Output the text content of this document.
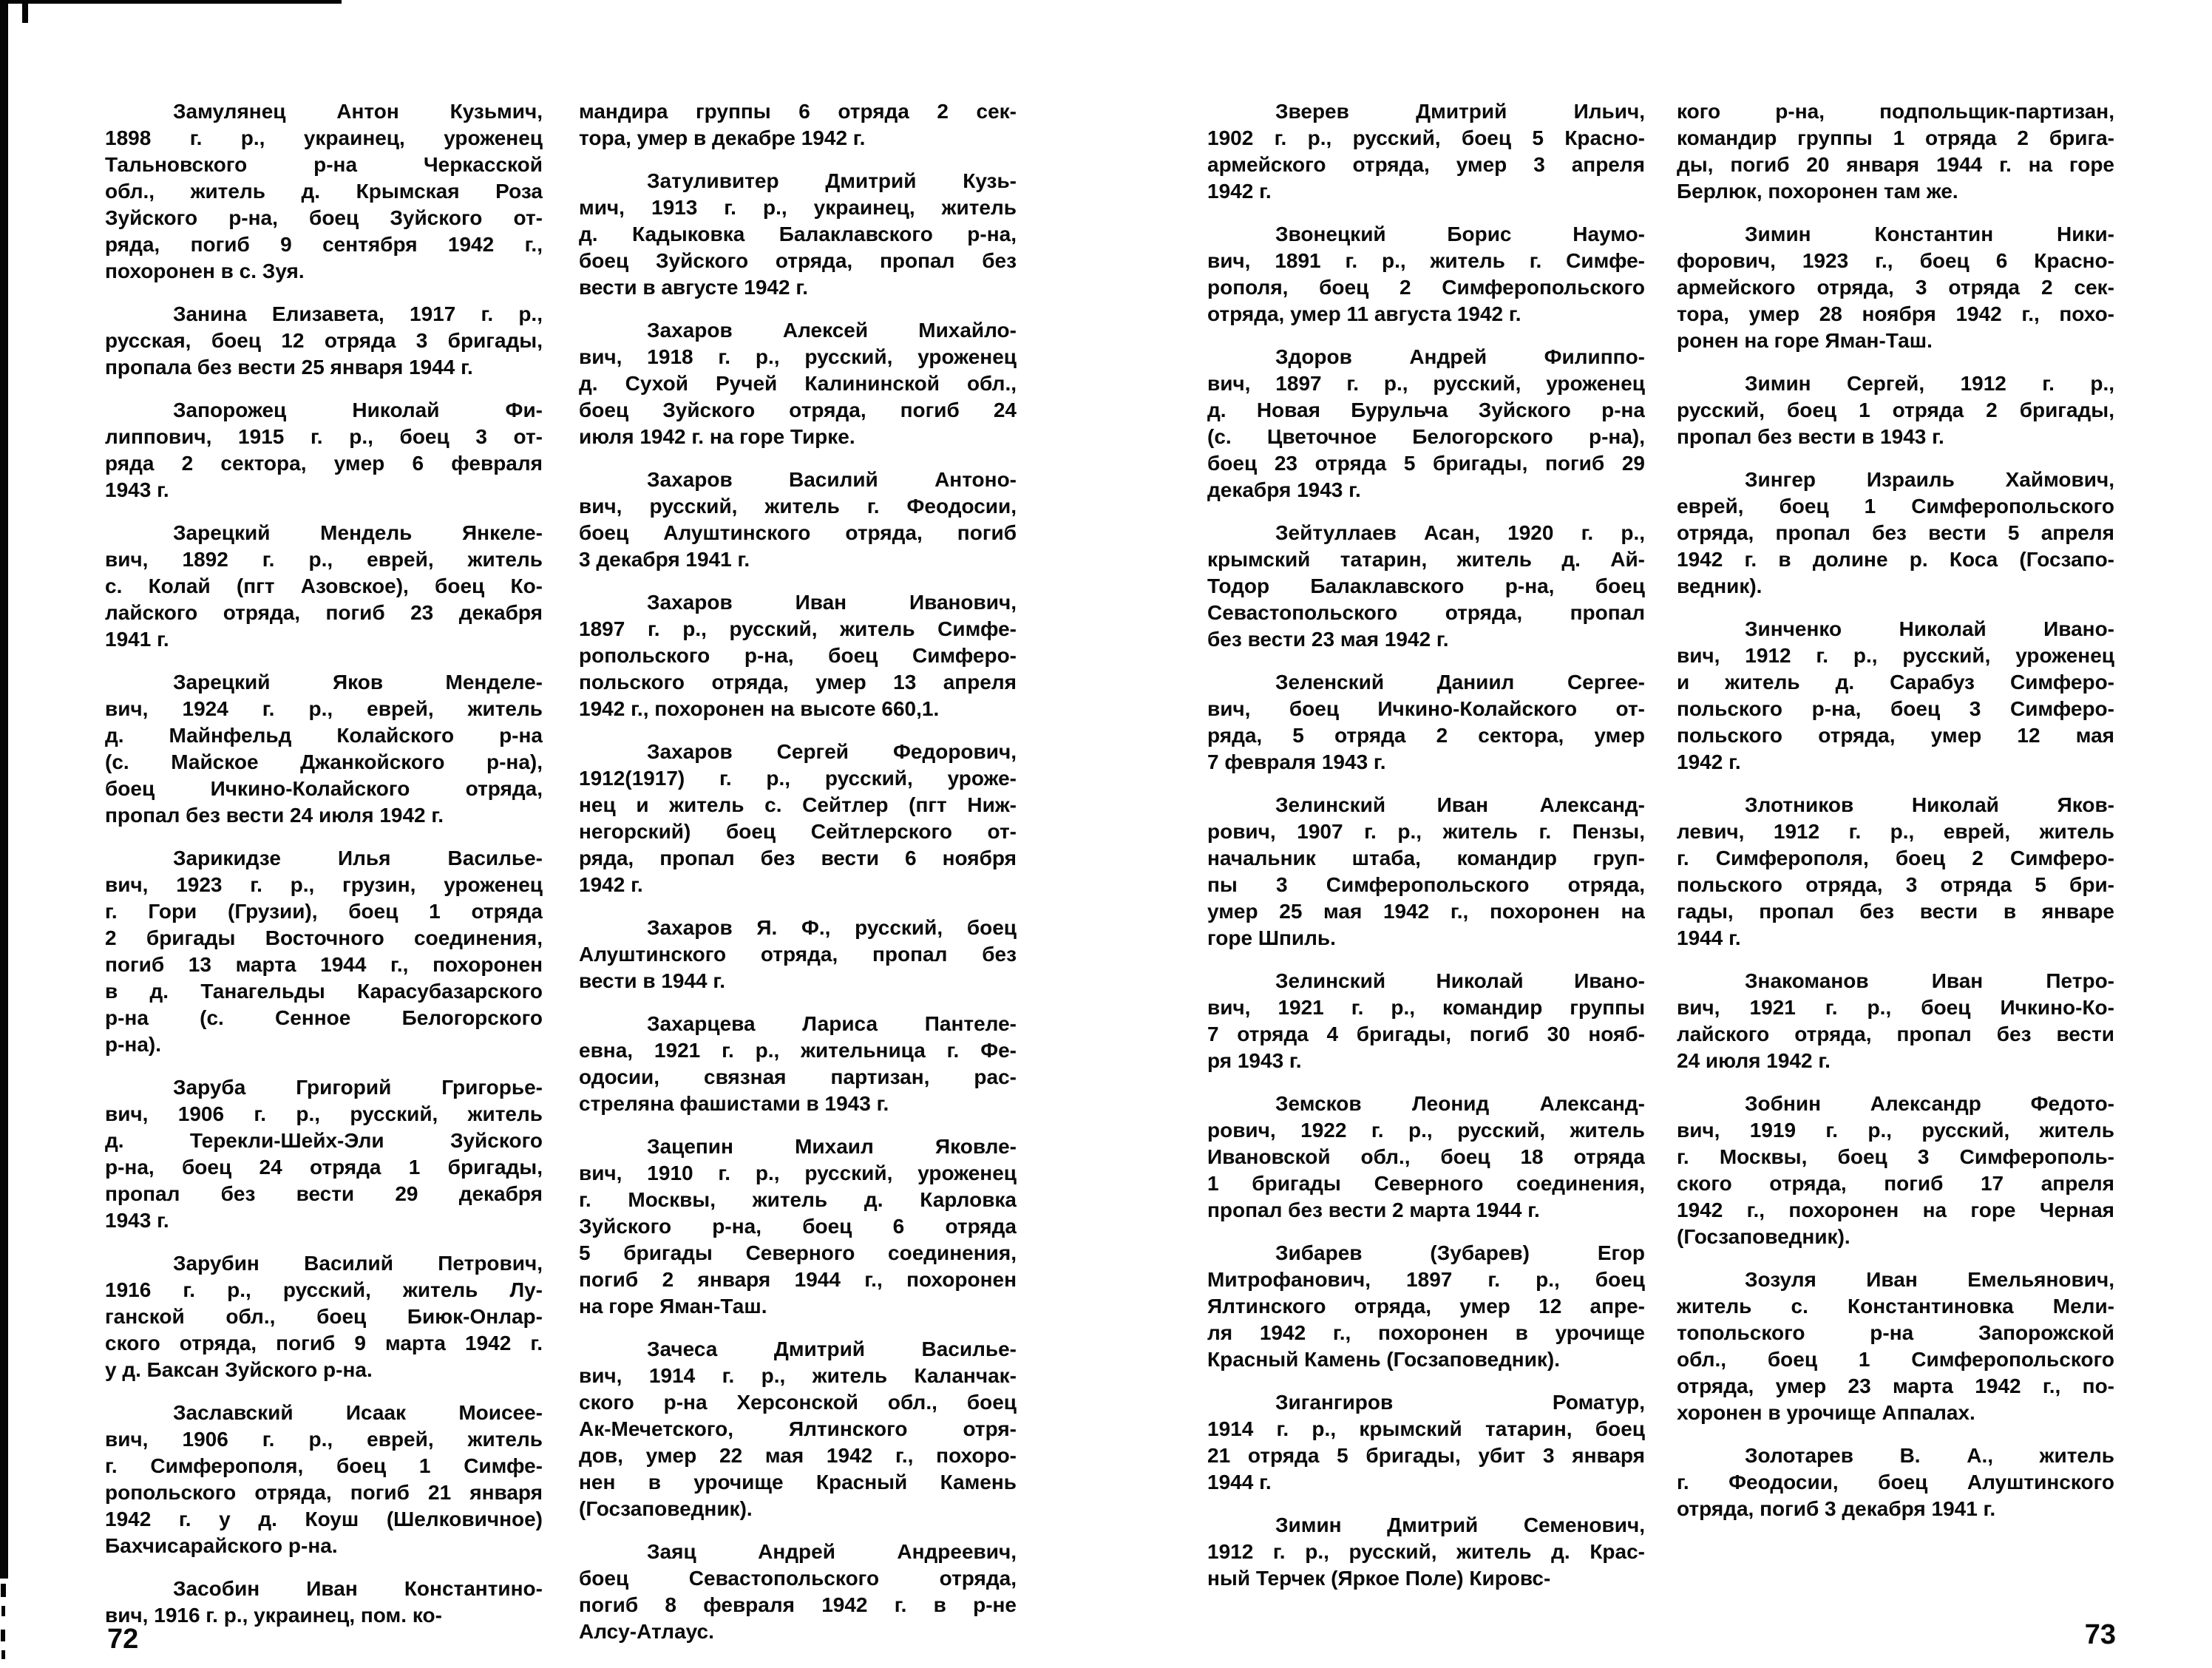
Замулянец Антон Кузьмич,
1898 г. р., украинец, уроженец
Тальновского р-на Черкасской
обл., житель д. Крымская Роза
Зуйского р-на, боец Зуйского от-
ряда, погиб 9 сентября 1942 г.,
похоронен в с. Зуя.
Занина Елизавета, 1917 г. р.,
русская, боец 12 отряда 3 бригады,
пропала без вести 25 января 1944 г.
Запорожец Николай Фи-
липпович, 1915 г. р., боец 3 от-
ряда 2 сектора, умер 6 февраля
1943 г.
Зарецкий Мендель Янкеле-
вич, 1892 г. р., еврей, житель
с. Колай (пгт Азовское), боец Ко-
лайского отряда, погиб 23 декабря
1941 г.
Зарецкий Яков Менделе-
вич, 1924 г. р., еврей, житель
д. Майнфельд Колайского р-на
(с. Майское Джанкойского р-на),
боец Ичкино-Колайского отряда,
пропал без вести 24 июля 1942 г.
Зарикидзе Илья Василье-
вич, 1923 г. р., грузин, уроженец
г. Гори (Грузии), боец 1 отряда
2 бригады Восточного соединения,
погиб 13 марта 1944 г., похоронен
в д. Танагельды Карасубазарского
р-на (с. Сенное Белогорского
р-на).
Заруба Григорий Григорье-
вич, 1906 г. р., русский, житель
д. Терекли-Шейх-Эли Зуйского
р-на, боец 24 отряда 1 бригады,
пропал без вести 29 декабря
1943 г.
Зарубин Василий Петрович,
1916 г. р., русский, житель Лу-
ганской обл., боец Биюк-Онлар-
ского отряда, погиб 9 марта 1942 г.
у д. Баксан Зуйского р-на.
Заславский Исаак Моисее-
вич, 1906 г. р., еврей, житель
г. Симферополя, боец 1 Симфе-
ропольского отряда, погиб 21 января
1942 г. у д. Коуш (Шелковичное)
Бахчисарайского р-на.
Засобин Иван Константино-
вич, 1916 г. р., украинец, пом. ко-
мандира группы 6 отряда 2 сек-
тора, умер в декабре 1942 г.
Затуливитер Дмитрий Кузь-
мич, 1913 г. р., украинец, житель
д. Кадыковка Балаклавского р-на,
боец Зуйского отряда, пропал без
вести в августе 1942 г.
Захаров Алексей Михайло-
вич, 1918 г. р., русский, уроженец
д. Сухой Ручей Калининской обл.,
боец Зуйского отряда, погиб 24
июля 1942 г. на горе Тирке.
Захаров Василий Антоно-
вич, русский, житель г. Феодосии,
боец Алуштинского отряда, погиб
3 декабря 1941 г.
Захаров Иван Иванович,
1897 г. р., русский, житель Симфе-
ропольского р-на, боец Симферо-
польского отряда, умер 13 апреля
1942 г., похоронен на высоте 660,1.
Захаров Сергей Федорович,
1912(1917) г. р., русский, уроже-
нец и житель с. Сейтлер (пгт Ниж-
негорский) боец Сейтлерского от-
ряда, пропал без вести 6 ноября
1942 г.
Захаров Я. Ф., русский, боец
Алуштинского отряда, пропал без
вести в 1944 г.
Захарцева Лариса Пантеле-
евна, 1921 г. р., жительница г. Фе-
одосии, связная партизан, рас-
стреляна фашистами в 1943 г.
Зацепин Михаил Яковле-
вич, 1910 г. р., русский, уроженец
г. Москвы, житель д. Карловка
Зуйского р-на, боец 6 отряда
5 бригады Северного соединения,
погиб 2 января 1944 г., похоронен
на горе Яман-Таш.
Зачеса Дмитрий Василье-
вич, 1914 г. р., житель Каланчак-
ского р-на Херсонской обл., боец
Ак-Мечетского, Ялтинского отря-
дов, умер 22 мая 1942 г., похоро-
нен в урочище Красный Камень
(Госзаповедник).
Заяц Андрей Андреевич,
боец Севастопольского отряда,
погиб 8 февраля 1942 г. в р-не
Алсу-Атлаус.
72
Зверев Дмитрий Ильич,
1902 г. р., русский, боец 5 Красно-
армейского отряда, умер 3 апреля
1942 г.
Звонецкий Борис Наумо-
вич, 1891 г. р., житель г. Симфе-
рополя, боец 2 Симферопольского
отряда, умер 11 августа 1942 г.
Здоров Андрей Филиппо-
вич, 1897 г. р., русский, уроженец
д. Новая Бурульча Зуйского р-на
(с. Цветочное Белогорского р-на),
боец 23 отряда 5 бригады, погиб 29
декабря 1943 г.
Зейтуллаев Асан, 1920 г. р.,
крымский татарин, житель д. Ай-
Тодор Балаклавского р-на, боец
Севастопольского отряда, пропал
без вести 23 мая 1942 г.
Зеленский Даниил Сергее-
вич, боец Ичкино-Колайского от-
ряда, 5 отряда 2 сектора, умер
7 февраля 1943 г.
Зелинский Иван Александ-
рович, 1907 г. р., житель г. Пензы,
начальник штаба, командир груп-
пы 3 Симферопольского отряда,
умер 25 мая 1942 г., похоронен на
горе Шпиль.
Зелинский Николай Ивано-
вич, 1921 г. р., командир группы
7 отряда 4 бригады, погиб 30 нояб-
ря 1943 г.
Земсков Леонид Александ-
рович, 1922 г. р., русский, житель
Ивановской обл., боец 18 отряда
1 бригады Северного соединения,
пропал без вести 2 марта 1944 г.
Зибарев (Зубарев) Егор
Митрофанович, 1897 г. р., боец
Ялтинского отряда, умер 12 апре-
ля 1942 г., похоронен в урочище
Красный Камень (Госзаповедник).
Зигангиров Роматур,
1914 г. р., крымский татарин, боец
21 отряда 5 бригады, убит 3 января
1944 г.
Зимин Дмитрий Семенович,
1912 г. р., русский, житель д. Крас-
ный Терчек (Яркое Поле) Кировс-
кого р-на, подпольщик-партизан,
командир группы 1 отряда 2 брига-
ды, погиб 20 января 1944 г. на горе
Берлюк, похоронен там же.
Зимин Константин Ники-
форович, 1923 г., боец 6 Красно-
армейского отряда, 3 отряда 2 сек-
тора, умер 28 ноября 1942 г., похо-
ронен на горе Яман-Таш.
Зимин Сергей, 1912 г. р.,
русский, боец 1 отряда 2 бригады,
пропал без вести в 1943 г.
Зингер Израиль Хаймович,
еврей, боец 1 Симферопольского
отряда, пропал без вести 5 апреля
1942 г. в долине р. Коса (Госзапо-
ведник).
Зинченко Николай Ивано-
вич, 1912 г. р., русский, уроженец
и житель д. Сарабуз Симферо-
польского р-на, боец 3 Симферо-
польского отряда, умер 12 мая
1942 г.
Злотников Николай Яков-
левич, 1912 г. р., еврей, житель
г. Симферополя, боец 2 Симферо-
польского отряда, 3 отряда 5 бри-
гады, пропал без вести в январе
1944 г.
Знакоманов Иван Петро-
вич, 1921 г. р., боец Ичкино-Ко-
лайского отряда, пропал без вести
24 июля 1942 г.
Зобнин Александр Федото-
вич, 1919 г. р., русский, житель
г. Москвы, боец 3 Симферополь-
ского отряда, погиб 17 апреля
1942 г., похоронен на горе Черная
(Госзаповедник).
Зозуля Иван Емельянович,
житель с. Константиновка Мели-
топольского р-на Запорожской
обл., боец 1 Симферопольского
отряда, умер 23 марта 1942 г., по-
хоронен в урочище Аппалах.
Золотарев В. А., житель
г. Феодосии, боец Алуштинского
отряда, погиб 3 декабря 1941 г.
73
